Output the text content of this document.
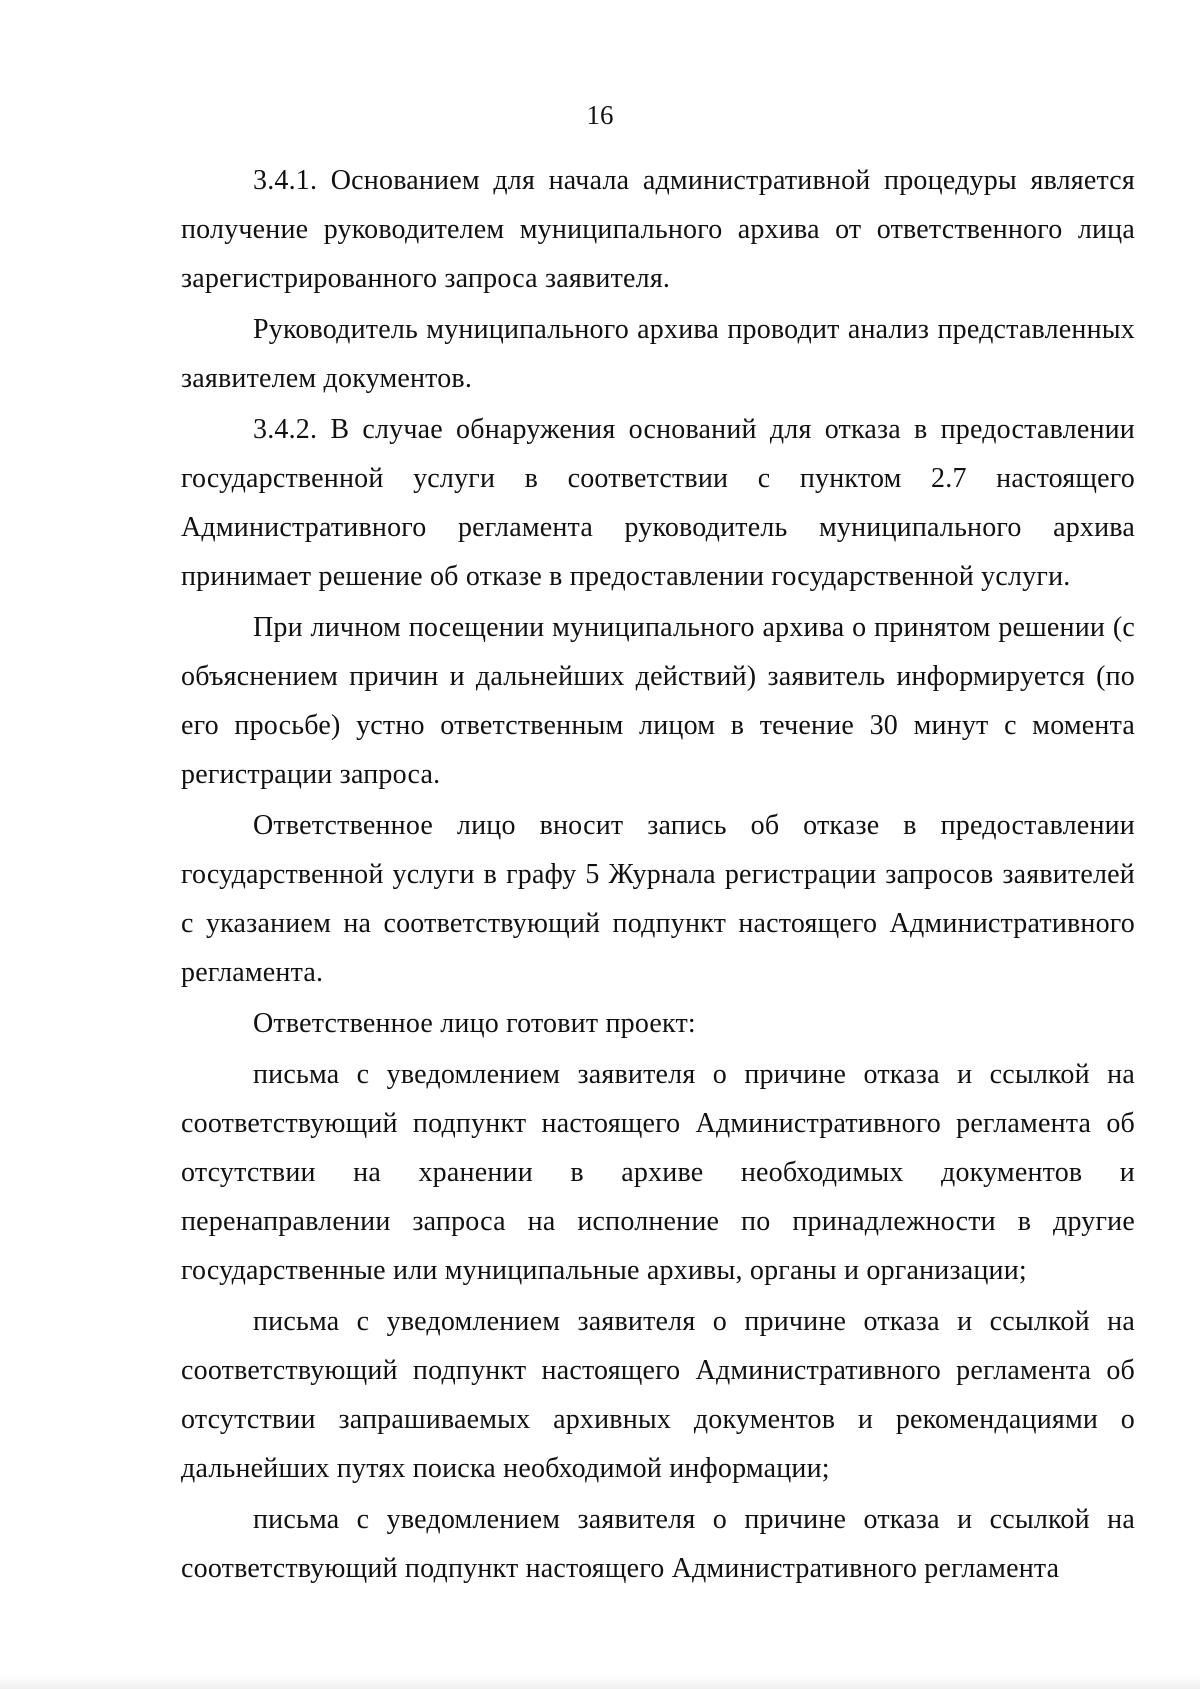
16

3.4.1. Основанием для начала административной процедуры является получение руководителем муниципального архива от ответственного лица зарегистрированного запроса заявителя.

Руководитель муниципального архива проводит анализ представленных заявителем документов.

3.4.2. В случае обнаружения оснований для отказа в предоставлении государственной услуги в соответствии с пунктом 2.7 настоящего Административного регламента руководитель муниципального архива принимает решение об отказе в предоставлении государственной услуги.

При личном посещении муниципального архива о принятом решении (с объяснением причин и дальнейших действий) заявитель информируется (по его просьбе) устно ответственным лицом в течение 30 минут с момента регистрации запроса.

Ответственное лицо вносит запись об отказе в предоставлении государственной услуги в графу 5 Журнала регистрации запросов заявителей с указанием на соответствующий подпункт настоящего Административного регламента.

Ответственное лицо готовит проект:

письма с уведомлением заявителя о причине отказа и ссылкой на соответствующий подпункт настоящего Административного регламента об отсутствии на хранении в архиве необходимых документов и перенаправлении запроса на исполнение по принадлежности в другие государственные или муниципальные архивы, органы и организации;

письма с уведомлением заявителя о причине отказа и ссылкой на соответствующий подпункт настоящего Административного регламента об отсутствии запрашиваемых архивных документов и рекомендациями о дальнейших путях поиска необходимой информации;

письма с уведомлением заявителя о причине отказа и ссылкой на соответствующий подпункт настоящего Административного регламента
